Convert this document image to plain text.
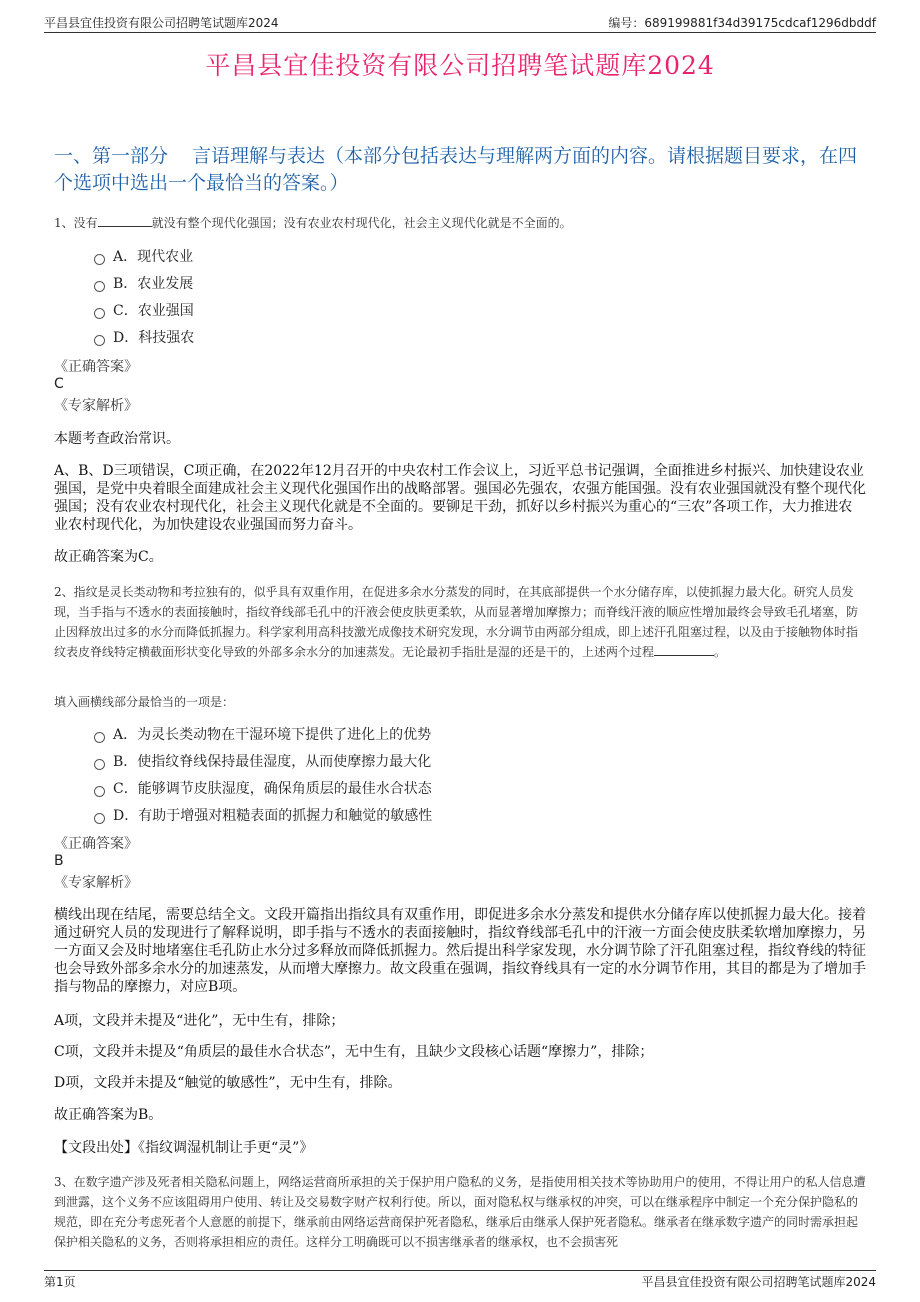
平昌县宜佳投资有限公司招聘笔试题库2024	编号：689199881f34d39175cdcaf1296dbddf
平昌县宜佳投资有限公司招聘笔试题库2024
一、第一部分 言语理解与表达（本部分包括表达与理解两方面的内容。请根据题目要求，在四个选项中选出一个最恰当的答案。）
1、没有	就没有整个现代化强国；没有农业农村现代化，社会主义现代化就是不全面的。
A．现代农业
B．农业发展
C．农业强国
D．科技强农
《正确答案》
C
《专家解析》
本题考查政治常识。
A、B、D三项错误，C项正确，在2022年12月召开的中央农村工作会议上，习近平总书记强调，全面推进乡村振兴、加快建设农业强国，是党中央着眼全面建成社会主义现代化强国作出的战略部署。强国必先强农，农强方能国强。没有农业强国就没有整个现代化强国；没有农业农村现代化，社会主义现代化就是不全面的。要铆足干劲，抓好以乡村振兴为重心的“三农”各项工作，大力推进农业农村现代化，为加快建设农业强国而努力奋斗。
故正确答案为C。
2、指纹是灵长类动物和考拉独有的，似乎具有双重作用，在促进多余水分蒸发的同时，在其底部提供一个水分储存库，以使抓握力最大化。研究人员发现，当手指与不透水的表面接触时，指纹脊线部毛孔中的汗液会使皮肤更柔软，从而显著增加摩擦力；而脊线汗液的顺应性增加最终会导致毛孔堵塞，防止因释放出过多的水分而降低抓握力。科学家利用高科技激光成像技术研究发现，水分调节由两部分组成，即上述汗孔阻塞过程，以及由于接触物体时指纹表皮脊线特定横截面形状变化导致的外部多余水分的加速蒸发。无论最初手指肚是湿的还是干的，上述两个过程	。
填入画横线部分最恰当的一项是：
A．为灵长类动物在干湿环境下提供了进化上的优势
B．使指纹脊线保持最佳湿度，从而使摩擦力最大化
C．能够调节皮肤湿度，确保角质层的最佳水合状态
D．有助于增强对粗糙表面的抓握力和触觉的敏感性
《正确答案》
B
《专家解析》
横线出现在结尾，需要总结全文。文段开篇指出指纹具有双重作用，即促进多余水分蒸发和提供水分储存库以使抓握力最大化。接着通过研究人员的发现进行了解释说明，即手指与不透水的表面接触时，指纹脊线部毛孔中的汗液一方面会使皮肤柔软增加摩擦力，另一方面又会及时地堵塞住毛孔防止水分过多释放而降低抓握力。然后提出科学家发现，水分调节除了汗孔阻塞过程，指纹脊线的特征也会导致外部多余水分的加速蒸发，从而增大摩擦力。故文段重在强调，指纹脊线具有一定的水分调节作用，其目的都是为了增加手指与物品的摩擦力，对应B项。
A项，文段并未提及“进化”，无中生有，排除；
C项，文段并未提及“角质层的最佳水合状态”，无中生有，且缺少文段核心话题“摩擦力”，排除；
D项，文段并未提及“触觉的敏感性”，无中生有，排除。
故正确答案为B。
【文段出处】《指纹调湿机制让手更“灵”》
3、在数字遗产涉及死者相关隐私问题上，网络运营商所承担的关于保护用户隐私的义务，是指使用相关技术等协助用户的使用，不得让用户的私人信息遭到泄露，这个义务不应该阻碍用户使用、转让及交易数字财产权利行使。所以，面对隐私权与继承权的冲突，可以在继承程序中制定一个充分保护隐私的规范，即在充分考虑死者个人意愿的前提下，继承前由网络运营商保护死者隐私，继承后由继承人保护死者隐私。继承者在继承数字遗产的同时需承担起保护相关隐私的义务，否则将承担相应的责任。这样分工明确既可以不损害继承者的继承权，也不会损害死
第1页	平昌县宜佳投资有限公司招聘笔试题库2024
